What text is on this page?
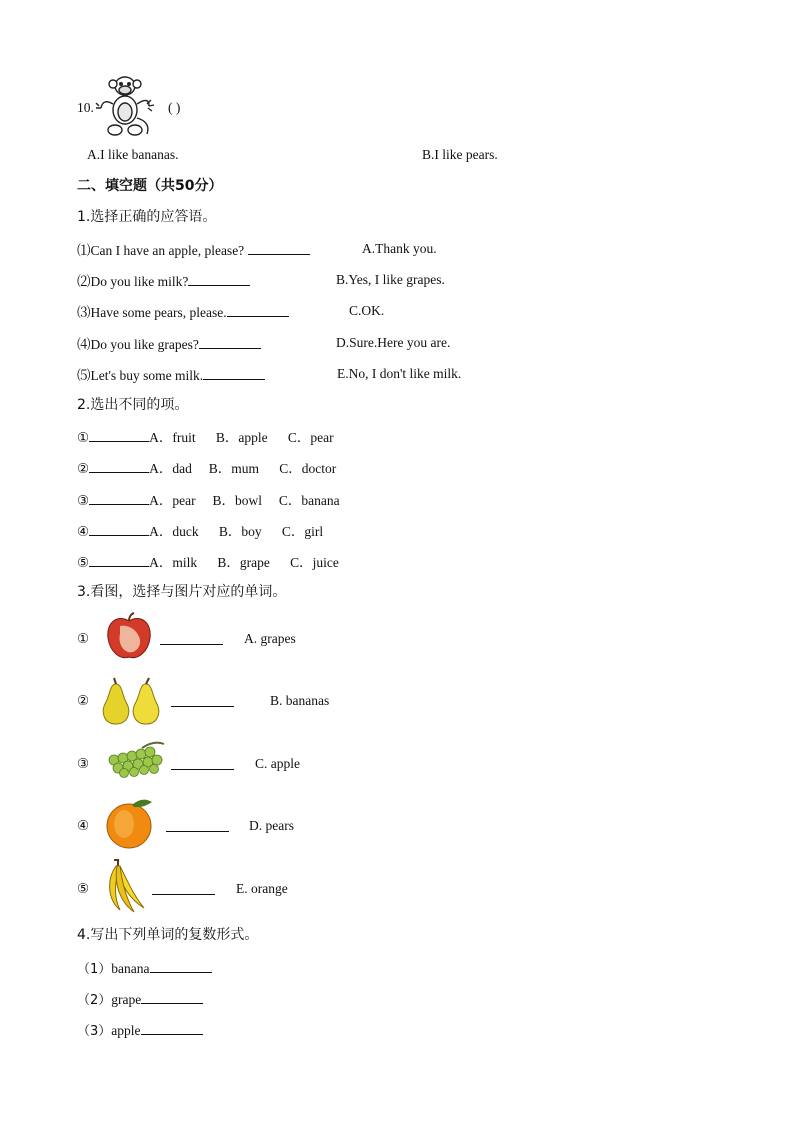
10.	( )
A.I like bananas.	B.I like pears.
二、填空题（共50分）
1.选择正确的应答语。
⑴Can I have an apple, please?	A.Thank you.
⑵Do you like milk?	B.Yes, I like grapes.
⑶Have some pears, please.	C.OK.
⑷Do you like grapes?	D.Sure.Here you are.
⑸Let's buy some milk.	E.No, I don't like milk.
2.选出不同的项。
①	A．fruit      B．apple      C．pear
②	A．dad     B．mum      C．doctor
③	A．pear     B．bowl     C．banana
④	A．duck      B．boy      C．girl
⑤	A．milk      B．grape      C．juice
3.看图，选择与图片对应的单词。
①	A. grapes
②	B. bananas
③	C. apple
④	D. pears
⑤	E. orange
4.写出下列单词的复数形式。
（1）banana
（2）grape
（3）apple
